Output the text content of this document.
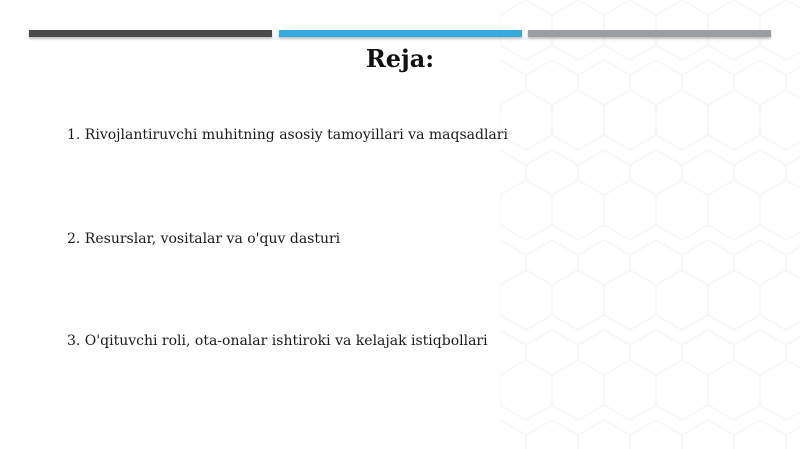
Reja:
1. Rivojlantiruvchi muhitning asosiy tamoyillari va maqsadlari
2. Resurslar, vositalar va o'quv dasturi
3. O'qituvchi roli, ota-onalar ishtiroki va kelajak istiqbollari
